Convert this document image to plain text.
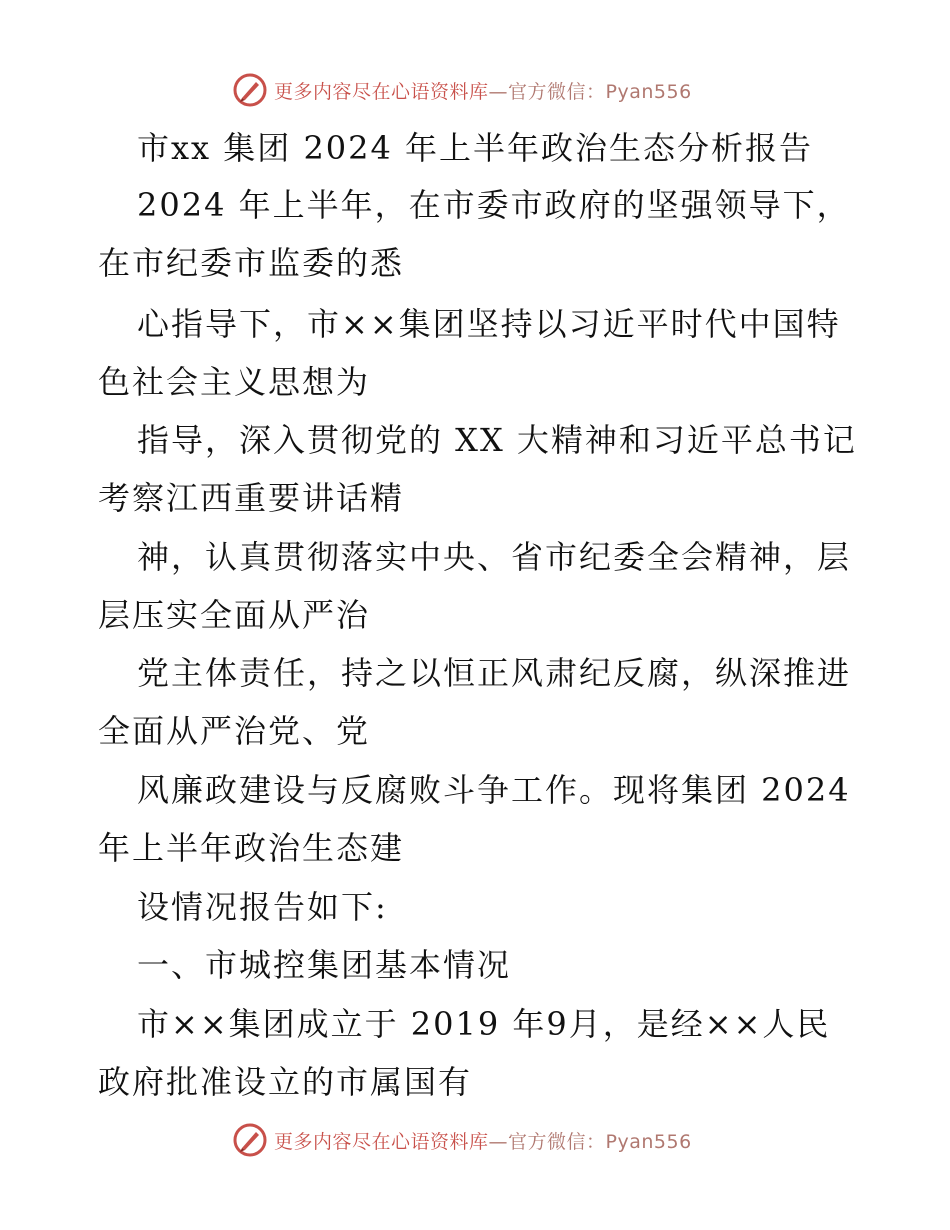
更多内容尽在心语资料库—官方微信：Pyan556
市xx 集团 2024 年上半年政治生态分析报告
2024 年上半年，在市委市政府的坚强领导下，
在市纪委市监委的悉
心指导下，市××集团坚持以习近平时代中国特
色社会主义思想为
指导，深入贯彻党的 XX 大精神和习近平总书记
考察江西重要讲话精
神，认真贯彻落实中央、省市纪委全会精神，层
层压实全面从严治
党主体责任，持之以恒正风肃纪反腐，纵深推进
全面从严治党、党
风廉政建设与反腐败斗争工作。现将集团 2024
年上半年政治生态建
设情况报告如下:
一、市城控集团基本情况
市××集团成立于 2019 年9月，是经××人民
政府批准设立的市属国有
更多内容尽在心语资料库—官方微信：Pyan556
